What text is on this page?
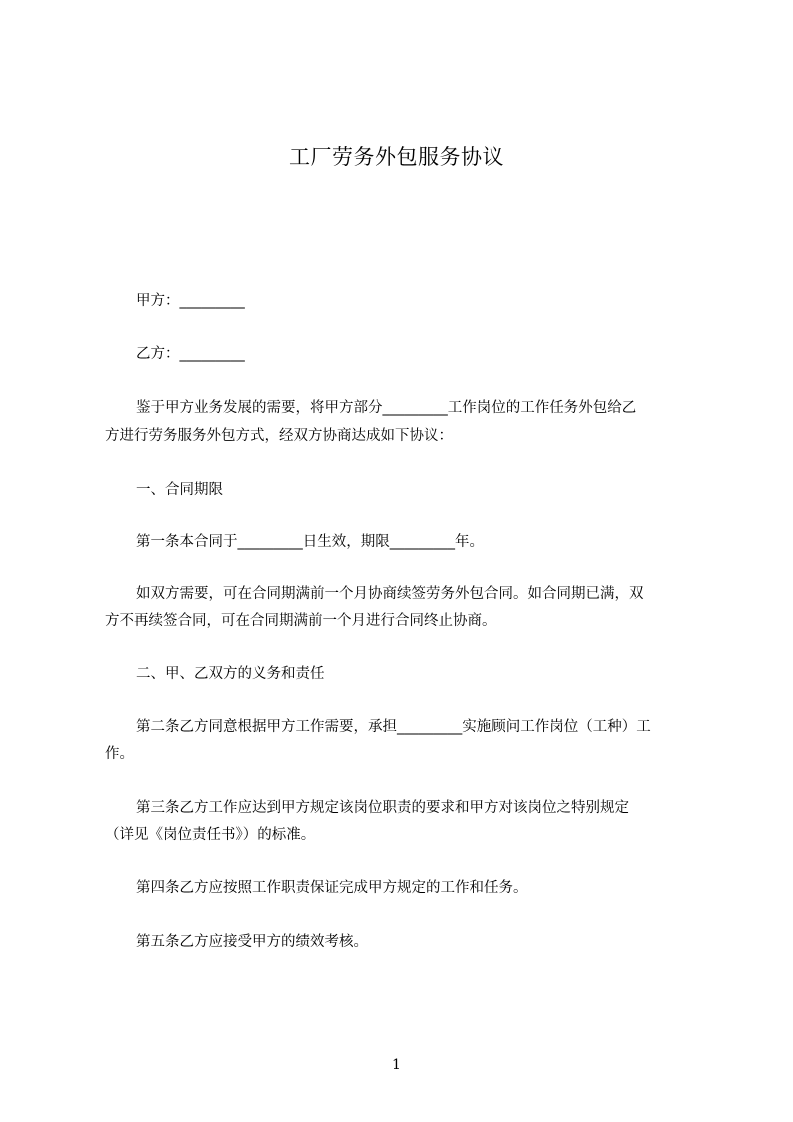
工厂劳务外包服务协议
甲方：_________
乙方：_________
鉴于甲方业务发展的需要，将甲方部分_________工作岗位的工作任务外包给乙
方进行劳务服务外包方式，经双方协商达成如下协议：
一、合同期限
第一条本合同于_________日生效，期限_________年。
如双方需要，可在合同期满前一个月协商续签劳务外包合同。如合同期已满，双
方不再续签合同，可在合同期满前一个月进行合同终止协商。
二、甲、乙双方的义务和责任
第二条乙方同意根据甲方工作需要，承担_________实施顾问工作岗位（工种）工
作。
第三条乙方工作应达到甲方规定该岗位职责的要求和甲方对该岗位之特别规定
（详见《岗位责任书》）的标准。
第四条乙方应按照工作职责保证完成甲方规定的工作和任务。
第五条乙方应接受甲方的绩效考核。
1
